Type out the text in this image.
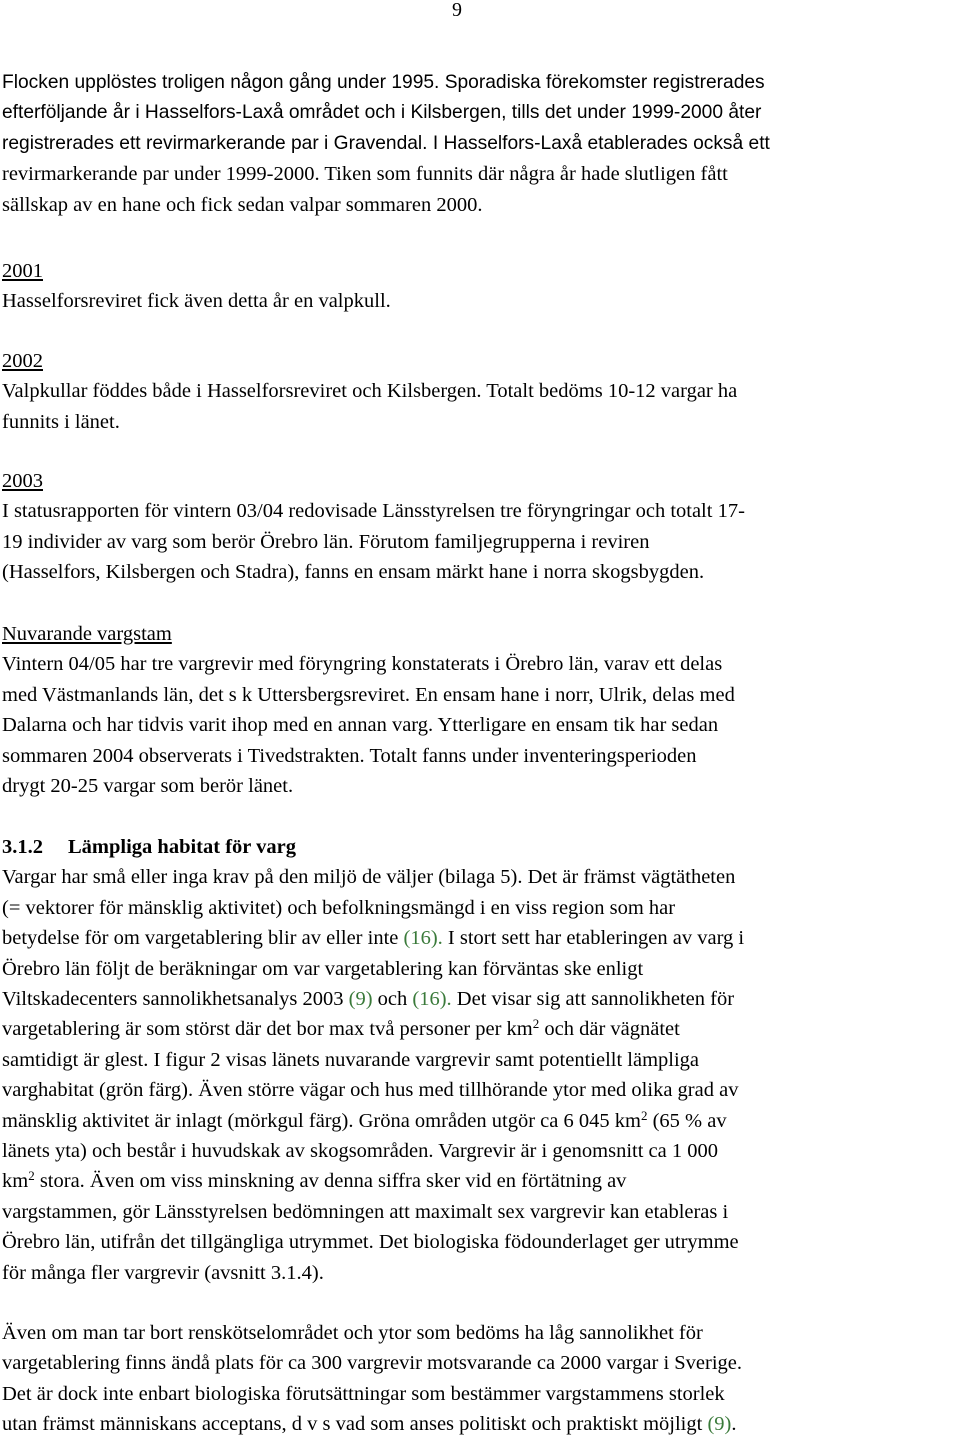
9
Flocken upplöstes troligen någon gång under 1995. Sporadiska förekomster registrerades
efterföljande år i Hasselfors-Laxå området och i Kilsbergen, tills det under 1999-2000 åter
registrerades ett revirmarkerande par i Gravendal. I Hasselfors-Laxå etablerades också ett
revirmarkerande par under 1999-2000. Tiken som funnits där några år hade slutligen fått
sällskap av en hane och fick sedan valpar sommaren 2000.
2001
Hasselforsreviret fick även detta år en valpkull.
2002
Valpkullar föddes både i Hasselforsreviret och Kilsbergen. Totalt bedöms 10-12 vargar ha
funnits i länet.
2003
I statusrapporten för vintern 03/04 redovisade Länsstyrelsen tre föryngringar och totalt 17-
19 individer av varg som berör Örebro län. Förutom familjegrupperna i reviren
(Hasselfors, Kilsbergen och Stadra), fanns en ensam märkt hane i norra skogsbygden.
Nuvarande vargstam
Vintern 04/05 har tre vargrevir med föryngring konstaterats i Örebro län, varav ett delas
med Västmanlands län, det s k Uttersbergsreviret. En ensam hane i norr, Ulrik, delas med
Dalarna och har tidvis varit ihop med en annan varg. Ytterligare en ensam tik har sedan
sommaren 2004 observerats i Tivedstrakten. Totalt fanns under inventeringsperioden
drygt 20-25 vargar som berör länet.
3.1.2 Lämpliga habitat för varg
Vargar har små eller inga krav på den miljö de väljer (bilaga 5). Det är främst vägtätheten
(= vektorer för mänsklig aktivitet) och befolkningsmängd i en viss region som har
betydelse för om vargetablering blir av eller inte (16). I stort sett har etableringen av varg i
Örebro län följt de beräkningar om var vargetablering kan förväntas ske enligt
Viltskadecenters sannolikhetsanalys 2003 (9) och (16). Det visar sig att sannolikheten för
vargetablering är som störst där det bor max två personer per $km^2$ och där vägnätet
samtidigt är glest. I figur 2 visas länets nuvarande vargrevir samt potentiellt lämpliga
varghabitat (grön färg). Även större vägar och hus med tillhörande ytor med olika grad av
mänsklig aktivitet är inlagt (mörkgul färg). Gröna områden utgör ca 6 045 $km^2$ (65 % av
länets yta) och består i huvudskak av skogsområden. Vargrevir är i genomsnitt ca 1 000
$km^2$ stora. Även om viss minskning av denna siffra sker vid en förtätning av
vargstammen, gör Länsstyrelsen bedömningen att maximalt sex vargrevir kan etableras i
Örebro län, utifrån det tillgängliga utrymmet. Det biologiska födounderlaget ger utrymme
för många fler vargrevir (avsnitt 3.1.4).
Även om man tar bort renskötselområdet och ytor som bedöms ha låg sannolikhet för
vargetablering finns ändå plats för ca 300 vargrevir motsvarande ca 2000 vargar i Sverige.
Det är dock inte enbart biologiska förutsättningar som bestämmer vargstammens storlek
utan främst människans acceptans, d v s vad som anses politiskt och praktiskt möjligt (9).
